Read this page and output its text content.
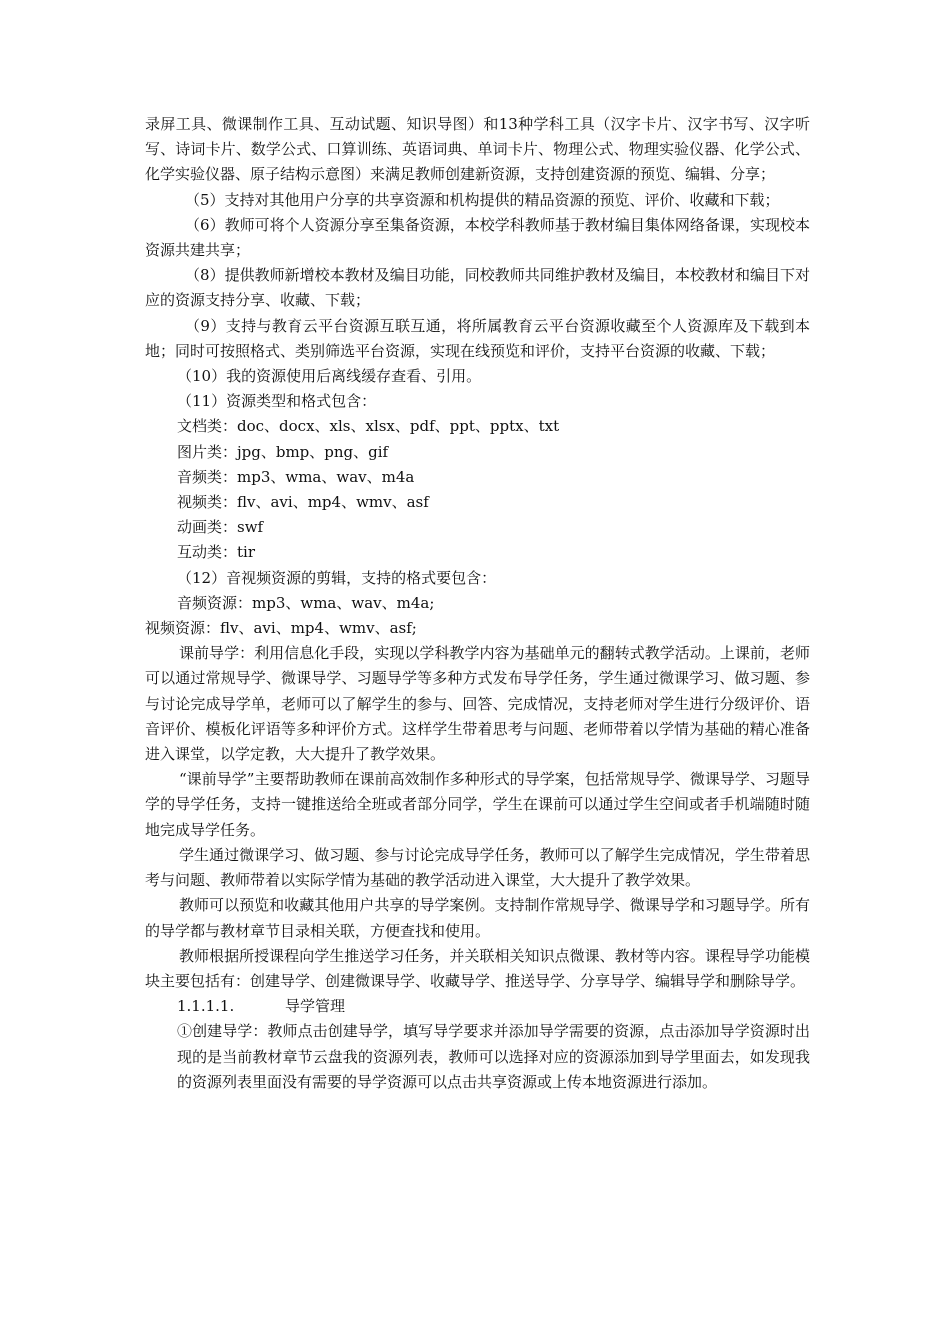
录屏工具、微课制作工具、互动试题、知识导图）和13种学科工具（汉字卡片、汉字书写、汉字听写、诗词卡片、数学公式、口算训练、英语词典、单词卡片、物理公式、物理实验仪器、化学公式、化学实验仪器、原子结构示意图）来满足教师创建新资源，支持创建资源的预览、编辑、分享；

（5）支持对其他用户分享的共享资源和机构提供的精品资源的预览、评价、收藏和下载；

（6）教师可将个人资源分享至集备资源，本校学科教师基于教材编目集体网络备课，实现校本资源共建共享；

（8）提供教师新增校本教材及编目功能，同校教师共同维护教材及编目，本校教材和编目下对应的资源支持分享、收藏、下载；

（9）支持与教育云平台资源互联互通，将所属教育云平台资源收藏至个人资源库及下载到本地；同时可按照格式、类别筛选平台资源，实现在线预览和评价，支持平台资源的收藏、下载；

（10）我的资源使用后离线缓存查看、引用。

（11）资源类型和格式包含：

文档类：doc、docx、xls、xlsx、pdf、ppt、pptx、txt

图片类：jpg、bmp、png、gif

音频类：mp3、wma、wav、m4a

视频类：flv、avi、mp4、wmv、asf

动画类：swf

互动类：tir

（12）音视频资源的剪辑，支持的格式要包含：

音频资源：mp3、wma、wav、m4a;

视频资源：flv、avi、mp4、wmv、asf;

课前导学：利用信息化手段，实现以学科教学内容为基础单元的翻转式教学活动。上课前，老师可以通过常规导学、微课导学、习题导学等多种方式发布导学任务，学生通过微课学习、做习题、参与讨论完成导学单，老师可以了解学生的参与、回答、完成情况，支持老师对学生进行分级评价、语音评价、模板化评语等多种评价方式。这样学生带着思考与问题、老师带着以学情为基础的精心准备进入课堂，以学定教，大大提升了教学效果。

“课前导学”主要帮助教师在课前高效制作多种形式的导学案，包括常规导学、微课导学、习题导学的导学任务，支持一键推送给全班或者部分同学，学生在课前可以通过学生空间或者手机端随时随地完成导学任务。

学生通过微课学习、做习题、参与讨论完成导学任务，教师可以了解学生完成情况，学生带着思考与问题、教师带着以实际学情为基础的教学活动进入课堂，大大提升了教学效果。

教师可以预览和收藏其他用户共享的导学案例。支持制作常规导学、微课导学和习题导学。所有的导学都与教材章节目录相关联，方便查找和使用。

教师根据所授课程向学生推送学习任务，并关联相关知识点微课、教材等内容。课程导学功能模块主要包括有：创建导学、创建微课导学、收藏导学、推送导学、分享导学、编辑导学和删除导学。

1.1.1.1.	导学管理

①创建导学：教师点击创建导学，填写导学要求并添加导学需要的资源，点击添加导学资源时出现的是当前教材章节云盘我的资源列表，教师可以选择对应的资源添加到导学里面去，如发现我的资源列表里面没有需要的导学资源可以点击共享资源或上传本地资源进行添加。
